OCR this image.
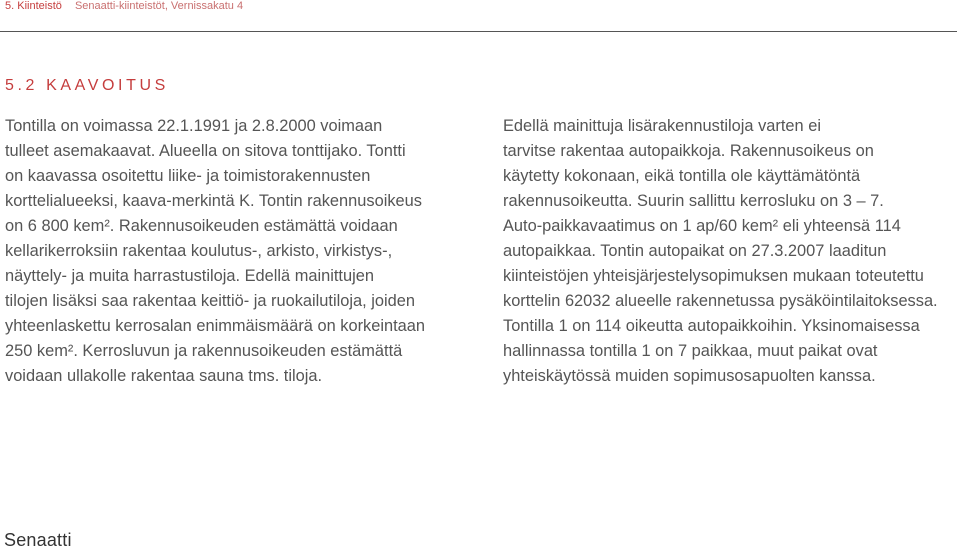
5. Kiinteistö Senaatti-kiinteistöt, Vernissakatu 4
5.2 KAAVOITUS
Tontilla on voimassa 22.1.1991 ja 2.8.2000 voimaan
tulleet asemakaavat. Alueella on sitova tonttijako. Tontti
on kaavassa osoitettu liike- ja toimistorakennusten
korttelialueeksi, kaava-merkintä K. Tontin rakennusoikeus
on 6 800 kem². Rakennusoikeuden estämättä voidaan
kellarikerroksiin rakentaa koulutus-, arkisto, virkistys-,
näyttely- ja muita harrastustiloja. Edellä mainittujen
tilojen lisäksi saa rakentaa keittiö- ja ruokailutiloja, joiden
yhteenlaskettu kerrosalan enimmäismäärä on korkeintaan
250 kem². Kerrosluvun ja rakennusoikeuden estämättä
voidaan ullakolle rakentaa sauna tms. tiloja.
Edellä mainittuja lisärakennustiloja varten ei
tarvitse rakentaa autopaikkoja. Rakennusoikeus on
käytetty kokonaan, eikä tontilla ole käyttämätöntä
rakennusoikeutta. Suurin sallittu kerrosluku on 3 – 7.
Auto-paikkavaatimus on 1 ap/60 kem² eli yhteensä 114
autopaikkaa. Tontin autopaikat on 27.3.2007 laaditun
kiinteistöjen yhteisjärjestelysopimuksen mukaan toteutettu
korttelin 62032 alueelle rakennetussa pysäköintilaitoksessa.
Tontilla 1 on 114 oikeutta autopaikkoihin. Yksinomaisessa
hallinnassa tontilla 1 on 7 paikkaa, muut paikat ovat
yhteiskäytössä muiden sopimusosapuolten kanssa.
Senaatti
